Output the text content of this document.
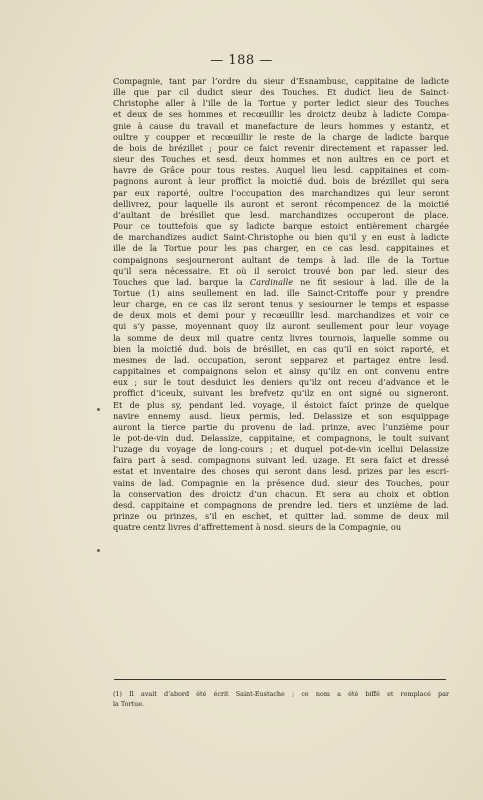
— 188 —
Compagnie, tant par l’ordre du sieur d’Esnambusc, cappitaine de ladicte
ille que par cil dudict sieur des Touches. Et dudict lieu de Sainct-
Christophe aller à l’ille de la Tortue y porter ledict sieur des Touches
et deux de ses hommes et recœuillir les droictz deubz à ladicte Compa-
gnie à cause du travail et manefacture de leurs hommes y estantz, et
oultre y coupper et recœuillir le reste de la charge de ladicte barque
de bois de brézillet ; pour ce faict revenir directement et rapasser led.
sieur des Touches et sesd. deux hommes et non aultres en ce port et
havre de Grâce pour tous restes. Auquel lieu lesd. cappitaines et com-
pagnons auront à leur proffict la moictié dud. bois de brézillet qui sera
par eux raporté, oultre l’occupation des marchandizes qui leur seront
dellivrez, pour laquelle ils auront et seront récompencez de la moictié
d’aultant de brésillet que lesd. marchandizes occuperont de place.
Pour ce touttefois que sy ladicte barque estoict entièrement chargée
de marchandizes audict Saint-Christophe ou bien qu’il y en eust à ladicte
ille de la Tortue pour les pas charger, en ce cas lesd. cappitaines et
compaignons sesjourneront aultant de temps à lad. ille de la Tortue
qu’il sera nécessaire. Et où il seroict trouvé bon par led. sieur des
Touches que lad. barque la Cardinalle ne fit sesiour à lad. ille de la
Tortue (1) ains seullement en lad. ille Sainct-Critoffe pour y prendre
leur charge, en ce cas ilz seront tenus y sesiourner le temps et espasse
de deux mois et demi pour y recœuillir lesd. marchandizes et voir ce
qui s’y passe, moyennant quoy ilz auront seullement pour leur voyage
la somme de deux mil quatre centz livres tournois, laquelle somme ou
bien la moictié dud. bois de brésillet, en cas qu’il en soict raporté, et
mesmes de lad. occupation, seront sepparez et partagez entre lesd.
cappitaines et compaignons selon et ainsy qu’ilz en ont convenu entre
eux ; sur le tout desduict les deniers qu’ilz ont receu d’advance et le
proffict d’iceulx, suivant les brefvetz qu’ilz en ont signé ou signeront.
Et de plus sy, pendant led. voyage, il éstoict faict prinze de quelque
navire ennemy ausd. lieux permis, led. Delassize et son esquippage
auront la tierce partie du provenu de lad. prinze, avec l’unzième pour
le pot-de-vin dud. Delassize, cappitaine, et compagnons, le toult suivant
l’uzage du voyage de long-cours ; et duquel pot-de-vin icellui Delassize
faira part à sesd. compagnons suivant led. uzage. Et sera faict et dressé
estat et inventaire des choses qui seront dans lesd. prizes par les escri-
vains de lad. Compagnie en la présence dud. sieur des Touches, pour
la conservation des droictz d’un chacun. Et sera au choix et obtion
desd. cappitaine et compagnons de prendre led. tiers et unzième de lad.
prinze ou prinzes, s’il en eschet, et quitter lad. somme de deux mil
quatre centz livres d’affrettement à nosd. sieurs de la Compagnie, ou
(1) Il avait d’abord été écrit Saint-Eustache ; ce nom a été biffé et remplacé par
la Tortue.
